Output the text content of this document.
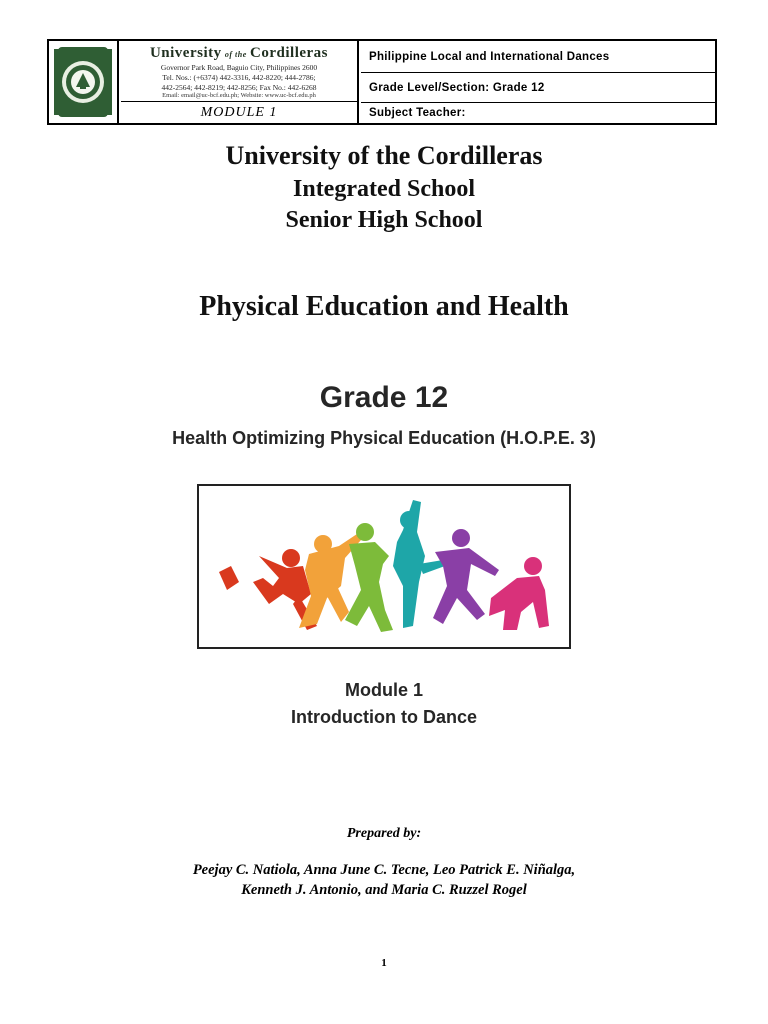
University of the Cordilleras
Governor Park Road, Baguio City, Philippines 2600
Tel. Nos.: (+6374) 442-3316, 442-8220; 444-2786;
442-2564; 442-8219; 442-8256; Fax No.: 442-6268
Email: email@uc-bcf.edu.ph; Website: www.uc-bcf.edu.ph
MODULE 1
Philippine Local and International Dances
Grade Level/Section: Grade 12
Subject Teacher:
University of the Cordilleras
Integrated School
Senior High School
Physical Education and Health
Grade 12
Health Optimizing Physical Education (H.O.P.E. 3)
Module 1
Introduction to Dance
Prepared by:
Peejay C. Natiola, Anna June C. Tecne, Leo Patrick E. Niñalga,
Kenneth J. Antonio, and Maria C. Ruzzel Rogel
1
